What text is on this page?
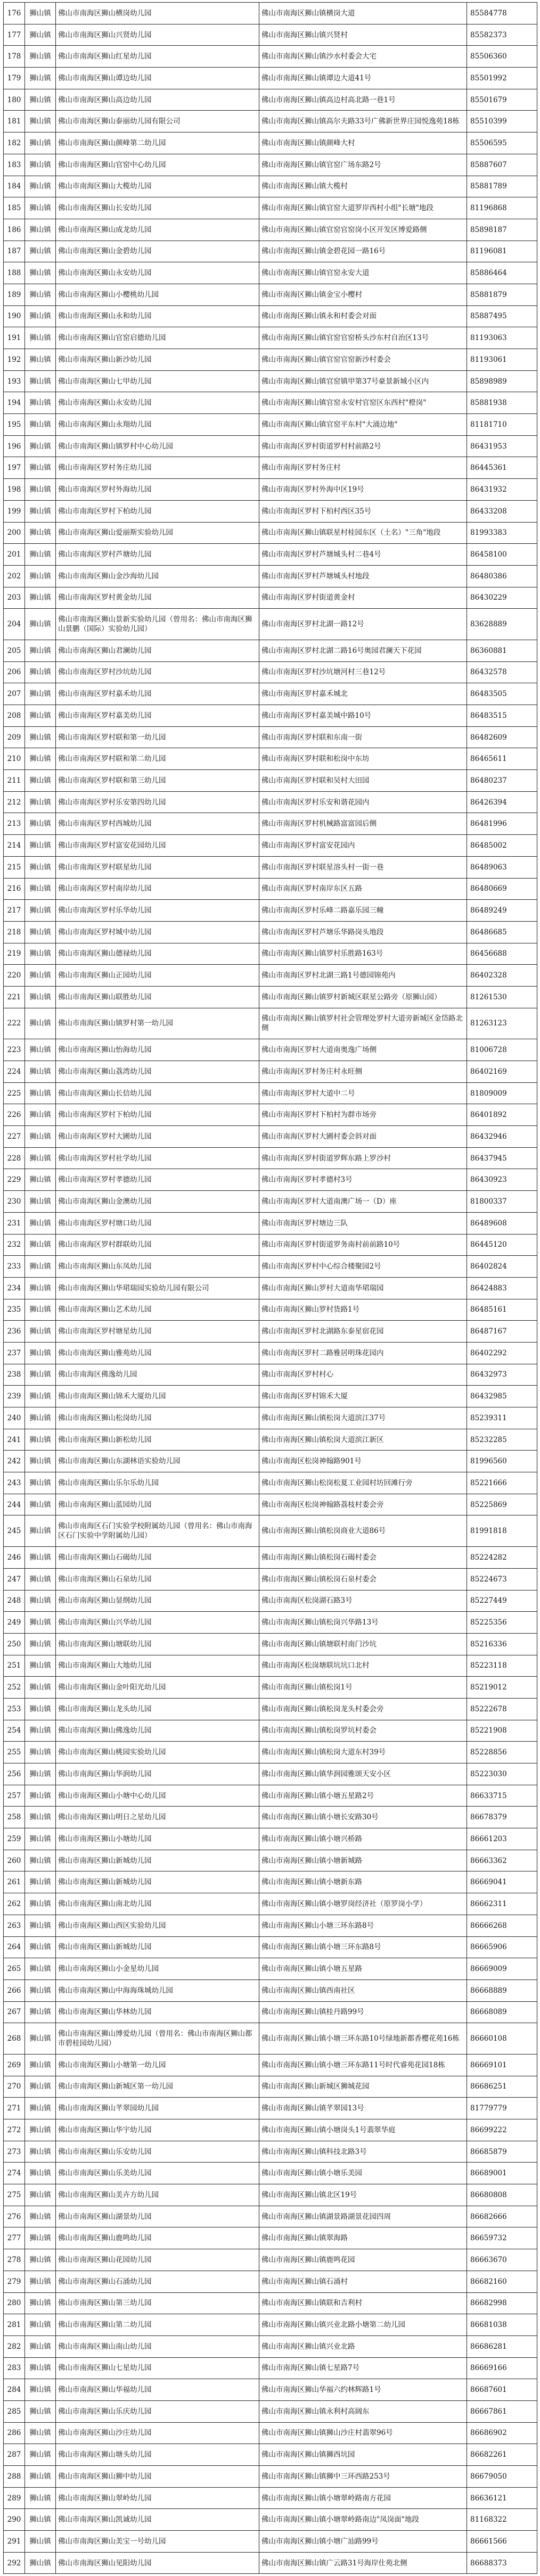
176	狮山镇	佛山市南海区狮山横岗幼儿园	佛山市南海区狮山镇横岗大道	85584778
177	狮山镇	佛山市南海区狮山兴贤幼儿园	佛山市南海区狮山镇兴贤村	85582373
178	狮山镇	佛山市南海区狮山红星幼儿园	佛山市南海区狮山镇沙水村委会大宅	85506360
179	狮山镇	佛山市南海区狮山谭边幼儿园	佛山市南海区狮山镇谭边大道41号	85501992
180	狮山镇	佛山市南海区狮山高边幼儿园	佛山市南海区狮山镇高边村高北路一巷1号	85501679
181	狮山镇	佛山市南海区狮山泰丽幼儿园有限公司	佛山市南海区狮山镇高尔夫路33号广佛新世界庄园悦逸苑18栋	85510399
182	狮山镇	佛山市南海区狮山颜峰第二幼儿园	佛山市南海区狮山镇颜峰大村	85506595
183	狮山镇	佛山市南海区狮山官窑中心幼儿园	佛山市南海区狮山镇官窑广场东路2号	85887607
184	狮山镇	佛山市南海区狮山大榄幼儿园	佛山市南海区狮山镇大榄村	85881789
185	狮山镇	佛山市南海区狮山长安幼儿园	佛山市南海区狮山镇官窑大道罗岸西村小组"长塘"地段	81196868
186	狮山镇	佛山市南海区狮山成龙幼儿园	佛山市南海区狮山镇官窑官窑岗小区开发区博爱路侧	85898187
187	狮山镇	佛山市南海区狮山金碧幼儿园	佛山市南海区狮山镇金碧花园一路16号	81196081
188	狮山镇	佛山市南海区狮山永安幼儿园	佛山市南海区狮山镇官窑永安大道	85886464
189	狮山镇	佛山市南海区狮山小樱桃幼儿园	佛山市南海区狮山镇金宝小樱村	85881879
190	狮山镇	佛山市南海区狮山永和幼儿园	佛山市南海区狮山镇永和村委会对面	85887495
191	狮山镇	佛山市南海区狮山官窑启德幼儿园	佛山市南海区狮山镇官窑官窑桥头沙东村自治区13号	81193063
192	狮山镇	佛山市南海区狮山新沙幼儿园	佛山市南海区狮山镇官窑官窑新沙村委会	81193061
193	狮山镇	佛山市南海区狮山七甲幼儿园	佛山市南海区狮山镇官窑镇甲第37号豪景新城小区内	85898989
194	狮山镇	佛山市南海区狮山永安幼儿园	佛山市南海区狮山镇官窑永安村官窑区东西村"橙岗"	85881938
195	狮山镇	佛山市南海区狮山永翔幼儿园	佛山市南海区狮山镇官窑平东村"大涌边地"	81181710
196	狮山镇	佛山市南海区狮山镇罗村中心幼儿园	佛山市南海区罗村街道罗村村前路2号	86431953
197	狮山镇	佛山市南海区罗村务庄幼儿园	佛山市南海区罗村务庄村	86445361
198	狮山镇	佛山市南海区罗村外海幼儿园	佛山市南海区罗村外海中区19号	86431932
199	狮山镇	佛山市南海区罗村下柏幼儿园	佛山市南海区罗村下柏村西区35号	86433208
200	狮山镇	佛山市南海区狮山爱丽斯实验幼儿园	佛山市南海区狮山镇联星村桂园东区（土名）"三角"地段	81993383
201	狮山镇	佛山市南海区罗村芦塘幼儿园	佛山市南海区罗村芦塘城头村二巷4号	86458100
202	狮山镇	佛山市南海区狮山金沙海幼儿园	佛山市南海区罗村芦塘城头村地段	86480386
203	狮山镇	佛山市南海区罗村黄金幼儿园	佛山市南海区罗村街道黄金村	86430229
204	狮山镇	佛山市南海区狮山景新实验幼儿园（曾用名：佛山市南海区狮山景鹏（国际）实验幼儿园）	佛山市南海区罗村北湖一路12号	83628889
205	狮山镇	佛山市南海区狮山君澜幼儿园	佛山市南海区罗村北湖二路16号奥园君澜天下花园	86360881
206	狮山镇	佛山市南海区罗村沙坑幼儿园	佛山市南海区罗村沙坑塘河村三巷12号	86432578
207	狮山镇	佛山市南海区罗村嘉禾幼儿园	佛山市南海区罗村嘉禾城北	86483505
208	狮山镇	佛山市南海区罗村嘉美幼儿园	佛山市南海区罗村嘉美城中路10号	86483515
209	狮山镇	佛山市南海区罗村联和第一幼儿园	佛山市南海区罗村联和东南一街	86482609
210	狮山镇	佛山市南海区罗村联和第二幼儿园	佛山市南海区罗村联和松岗中东坊	86465611
211	狮山镇	佛山市南海区罗村联和第三幼儿园	佛山市南海区罗村联和吴村大田园	86480237
212	狮山镇	佛山市南海区罗村乐安第四幼儿园	佛山市南海区罗村乐安和谐花园内	86426394
213	狮山镇	佛山市南海区罗村西城幼儿园	佛山市南海区罗村机械路富富园后侧	86481996
214	狮山镇	佛山市南海区罗村富安花园幼儿园	佛山市南海区罗村富安花园内	86485002
215	狮山镇	佛山市南海区罗村联星幼儿园	佛山市南海区罗村联星溶头村一街一巷	86489063
216	狮山镇	佛山市南海区罗村南岸幼儿园	佛山市南海区罗村南岸东区五路	86480669
217	狮山镇	佛山市南海区罗村乐华幼儿园	佛山市南海区罗村乐峰二路嘉乐园三幢	86489249
218	狮山镇	佛山市南海区罗村城中幼儿园	佛山市南海区罗村芦塘乐华路岗头地段	86486685
219	狮山镇	佛山市南海区狮山德禄幼儿园	佛山市南海区狮山镇罗村乐胜路163号	86456688
220	狮山镇	佛山市南海区狮山正园幼儿园	佛山市南海区罗村北湖三路1号德园锦苑内	86402328
221	狮山镇	佛山市南海区狮山联胜幼儿园	佛山市南海区狮山镇罗村新城区联星公路旁（原狮山园）	81261530
222	狮山镇	佛山市南海区狮山镇罗村第一幼儿园	佛山市南海区狮山镇罗村社会管理处罗村大道旁新城区金岱路北侧	81263123
223	狮山镇	佛山市南海区狮山怡海幼儿园	佛山市南海区罗村大道南奥逸广场侧	81006728
224	狮山镇	佛山市南海区狮山荔湾幼儿园	佛山市南海区罗村务庄村永旺侧	86402169
225	狮山镇	佛山市南海区狮山长信幼儿园	佛山市南海区罗村大道中二号	81809009
226	狮山镇	佛山市南海区罗村下柏幼儿园	佛山市南海区罗村下柏村为群市场旁	86401892
227	狮山镇	佛山市南海区罗村大圃幼儿园	佛山市南海区罗村大圃村委会斜对面	86432946
228	狮山镇	佛山市南海区罗村社学幼儿园	佛山市南海区罗村街道罗辉东路上罗沙村	86437945
229	狮山镇	佛山市南海区罗村孝德幼儿园	佛山市南海区罗村孝德村3号	86430923
230	狮山镇	佛山市南海区狮山金澳幼儿园	佛山市南海区罗村大道南澳广场一（D）座	81800337
231	狮山镇	佛山市南海区罗村塘口幼儿园	佛山市南海区罗村塘边三队	86489608
232	狮山镇	佛山市南海区罗村群联幼儿园	佛山市南海区罗村街道罗务南村前前路10号	86445120
233	狮山镇	佛山市南海区狮山东凤幼儿园	佛山市南海区罗村中心综合楼聚园2号	86402824
234	狮山镇	佛山市南海区狮山华珺瑞园实验幼儿园有限公司	佛山市南海区狮山罗村大道南华珺瑞园	86424883
235	狮山镇	佛山市南海区狮山艺术幼儿园	佛山市南海区狮山罗村货路1号	86485161
236	狮山镇	佛山市南海区罗村塘星幼儿园	佛山市南海区罗村北湖路东泰星宿花园	86487167
237	狮山镇	佛山市南海区狮山雅苑幼儿园	佛山市南海区罗村二路雅居明珠花园内	86402292
238	狮山镇	佛山市南海区佛逸幼儿园	佛山市南海区罗村村心	86432973
239	狮山镇	佛山市南海区狮山锦禾大厦幼儿园	佛山市南海区罗村锦禾大厦	86432985
240	狮山镇	佛山市南海区狮山松岗幼儿园	佛山市南海区狮山镇松岗大道滨江37号	85239311
241	狮山镇	佛山市南海区狮山新松幼儿园	佛山市南海区狮山镇松岗大道滨江新区	85232285
242	狮山镇	佛山市南海区狮山东湖林语实验幼儿园	佛山市南海区松岗神翰路901号	81996560
243	狮山镇	佛山市南海区狮山乐尔乐幼儿园	佛山市南海区狮山松岗松夏工业园村坊回滩行旁	85221666
244	狮山镇	佛山市南海区狮山蓝园幼儿园	佛山市南海区松岗神翰路荔枝村委会旁	85225869
245	狮山镇	佛山市南海区石门实验学校附属幼儿园（曾用名：佛山市南海区石门实验中学附属幼儿园）	佛山市南海区狮山镇松岗商业大道86号	81991818
246	狮山镇	佛山市南海区狮山石碣幼儿园	佛山市南海区狮山镇松岗石碣村委会	85224282
247	狮山镇	佛山市南海区狮山石泉幼儿园	佛山市南海区狮山镇松岗石泉村委会	85224673
248	狮山镇	佛山市南海区狮山显纲幼儿园	佛山市南海区松岗湖石路3号	85227449
249	狮山镇	佛山市南海区狮山兴华幼儿园	佛山市南海区狮山镇松岗兴华路13号	85225356
250	狮山镇	佛山市南海区狮山塘联幼儿园	佛山市南海区狮山镇塘联村南门沙坑	85216336
251	狮山镇	佛山市南海区狮山大地幼儿园	佛山市南海区松岗塘联坑坑口北村	85223118
252	狮山镇	佛山市南海区狮山金叶阳光幼儿园	佛山市南海区狮山镇松岗1号	85219012
253	狮山镇	佛山市南海区狮山龙头幼儿园	佛山市南海区狮山镇松岗龙头村委会旁	85222678
254	狮山镇	佛山市南海区狮山佛逸幼儿园	佛山市南海区狮山镇松岗罗坑村委会	85221908
255	狮山镇	佛山市南海区狮山桃园实验幼儿园	佛山市南海区狮山镇松岗大道东村39号	85228856
256	狮山镇	佛山市南海区狮山华润幼儿园	佛山市南海区狮山镇华润园雅颂天安小区	85223030
257	狮山镇	佛山市南海区狮山小塘中心幼儿园	佛山市南海区狮山镇小塘五星路2号	86633715
258	狮山镇	佛山市南海区狮山明日之星幼儿园	佛山市南海区狮山镇小塘长安路30号	86678379
259	狮山镇	佛山市南海区狮山小塘幼儿园	佛山市南海区狮山镇小塘兴桥路	86661203
260	狮山镇	佛山市南海区狮山新城幼儿园	佛山市南海区狮山镇小塘新城路	86663362
261	狮山镇	佛山市南海区狮山新城幼儿园	佛山市南海区狮山镇小塘新东路	86669041
262	狮山镇	佛山市南海区狮山南北幼儿园	佛山市南海区狮山镇小塘罗岗经济社（原罗岗小学）	86662311
263	狮山镇	佛山市南海区狮山西区实验幼儿园	佛山市南海区狮山小塘三环东路8号	86666268
264	狮山镇	佛山市南海区狮山新城幼儿园	佛山市南海区狮山镇小塘三环东路8号	86665906
265	狮山镇	佛山市南海区狮山小金星幼儿园	佛山市南海区狮山镇小塘五星路	86669009
266	狮山镇	佛山市南海区狮山中海海珠城幼儿园	佛山市南海区狮山镇西南社区	86668889
267	狮山镇	佛山市南海区狮山华林幼儿园	佛山市南海区狮山镇桂丹路99号	86668089
268	狮山镇	佛山市南海区狮山博爱幼儿园（曾用名：佛山市南海区狮山都市碧桂园幼儿园）	佛山市南海区狮山镇小塘三环东路10号绿地新都香樱花苑16栋	86660108
269	狮山镇	佛山市南海区狮山小塘第一幼儿园	佛山市南海区狮山镇小塘三环东路11号时代睿苑花园18栋	86669101
270	狮山镇	佛山市南海区狮山新城区第一幼儿园	佛山市南海区狮山新城区狮城花园	86686251
271	狮山镇	佛山市南海区狮山芊翠园幼儿园	佛山市南海区狮山镇芊翠园13号	81779779
272	狮山镇	佛山市南海区狮山华宇幼儿园	佛山市南海区狮山镇小塘岗头1号翡翠华庭	86699222
273	狮山镇	佛山市南海区狮山乐安幼儿园	佛山市南海区狮山镇科技北路3号	86685879
274	狮山镇	佛山市南海区狮山乐美幼儿园	佛山市南海区狮山镇小塘乐美园	86689001
275	狮山镇	佛山市南海区狮山美卉方幼儿园	佛山市南海区狮山镇北区19号	86680808
276	狮山镇	佛山市南海区狮山湖景幼儿园	佛山市南海区狮山镇湖景路湖景花园四周	86682666
277	狮山镇	佛山市南海区狮山鹿鸣幼儿园	佛山市南海区狮山镇翠海路	86659732
278	狮山镇	佛山市南海区狮山花园幼儿园	佛山市南海区狮山镇鹿鸣花园	86663670
279	狮山镇	佛山市南海区狮山石涌幼儿园	佛山市南海区狮山镇石涌村	86682160
280	狮山镇	佛山市南海区狮山第三幼儿园	佛山市南海区狮山镇联和吉利村	86682998
281	狮山镇	佛山市南海区狮山第二幼儿园	佛山市南海区狮山镇兴业北路小塘第二幼儿园	86681038
282	狮山镇	佛山市南海区狮山南山幼儿园	佛山市南海区狮山镇兴业北路	86686281
283	狮山镇	佛山市南海区狮山七星幼儿园	佛山市南海区狮山镇七星路7号	86669166
284	狮山镇	佛山市南海区狮山华福幼儿园	佛山市南海区狮山华福六约林辉路1号	86687601
285	狮山镇	佛山市南海区狮山乐庆幼儿园	佛山市南海区狮山镇永利村高阔东	86667861
286	狮山镇	佛山市南海区狮山沙庄幼儿园	佛山市南海区狮山镇狮山沙庄村翡翠96号	86686902
287	狮山镇	佛山市南海区狮山塘头幼儿园	佛山市南海区狮山镇狮西坑园	86682261
288	狮山镇	佛山市南海区狮山狮中幼儿园	佛山市南海区狮山镇狮中三环西路253号	86679050
289	狮山镇	佛山市南海区狮山翠岭幼儿园	佛山市南海区狮山镇小塘翠岭路南方花园	86636121
290	狮山镇	佛山市南海区狮山凯诚幼儿园	佛山市南海区狮山镇小塘翠岭路南边"凤岗面"地段	81168322
291	狮山镇	佛山市南海区狮山美宝一号幼儿园	佛山市南海区狮山镇小塘广汕路99号	86661566
292	狮山镇	佛山市南海区狮山见阳幼儿园	佛山市南海区狮山镇广云路31号海岸仕苑北侧	86688373
